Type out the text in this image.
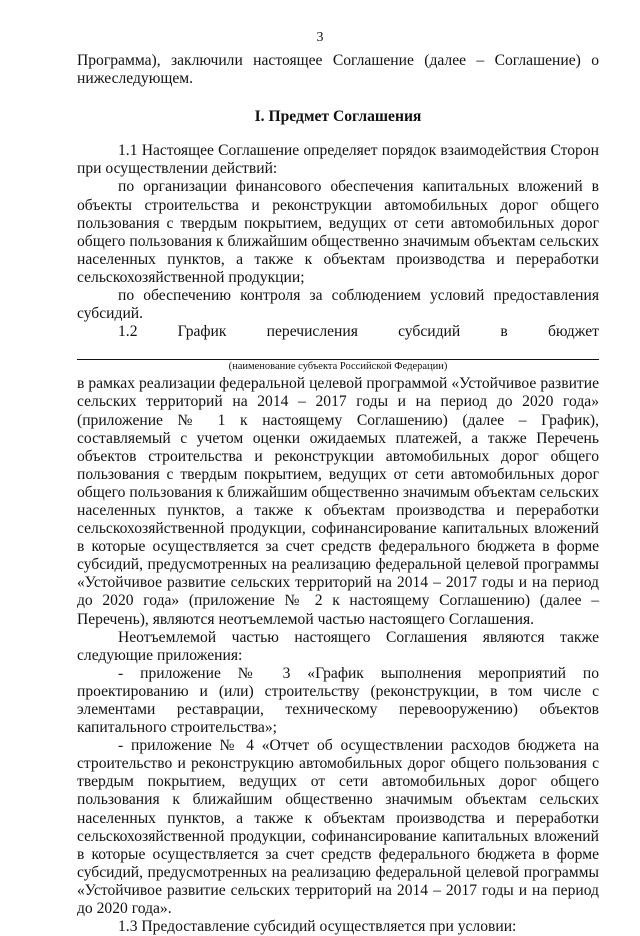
3

Программа), заключили настоящее Соглашение (далее – Соглашение) о нижеследующем.

I. Предмет Соглашения

1.1 Настоящее Соглашение определяет порядок взаимодействия Сторон при осуществлении действий:

по организации финансового обеспечения капитальных вложений в объекты строительства и реконструкции автомобильных дорог общего пользования с твердым покрытием, ведущих от сети автомобильных дорог общего пользования к ближайшим общественно значимым объектам сельских населенных пунктов, а также к объектам производства и переработки сельскохозяйственной продукции;

по обеспечению контроля за соблюдением условий предоставления субсидий.

1.2	График	перечисления	субсидий	в	бюджет

(наименование субъекта Российской Федерации)

в рамках реализации федеральной целевой программой «Устойчивое развитие сельских территорий на 2014 – 2017 годы и на период до 2020 года» (приложение № 1 к настоящему Соглашению) (далее – График), составляемый с учетом оценки ожидаемых платежей, а также Перечень объектов строительства и реконструкции автомобильных дорог общего пользования с твердым покрытием, ведущих от сети автомобильных дорог общего пользования к ближайшим общественно значимым объектам сельских населенных пунктов, а также к объектам производства и переработки сельскохозяйственной продукции, софинансирование капитальных вложений в которые осуществляется за счет средств федерального бюджета в форме субсидий, предусмотренных на реализацию федеральной целевой программы «Устойчивое развитие сельских территорий на 2014 – 2017 годы и на период до 2020 года» (приложение № 2 к настоящему Соглашению) (далее – Перечень), являются неотъемлемой частью настоящего Соглашения.

Неотъемлемой частью настоящего Соглашения являются также следующие приложения:

- приложение № 3 «График выполнения мероприятий по проектированию и (или) строительству (реконструкции, в том числе с элементами реставрации, техническому перевооружению) объектов капитального строительства»;

- приложение № 4 «Отчет об осуществлении расходов бюджета на строительство и реконструкцию автомобильных дорог общего пользования с твердым покрытием, ведущих от сети автомобильных дорог общего пользования к ближайшим общественно значимым объектам сельских населенных пунктов, а также к объектам производства и переработки сельскохозяйственной продукции, софинансирование капитальных вложений в которые осуществляется за счет средств федерального бюджета в форме субсидий, предусмотренных на реализацию федеральной целевой программы «Устойчивое развитие сельских территорий на 2014 – 2017 годы и на период до 2020 года».

1.3 Предоставление субсидий осуществляется при условии:
